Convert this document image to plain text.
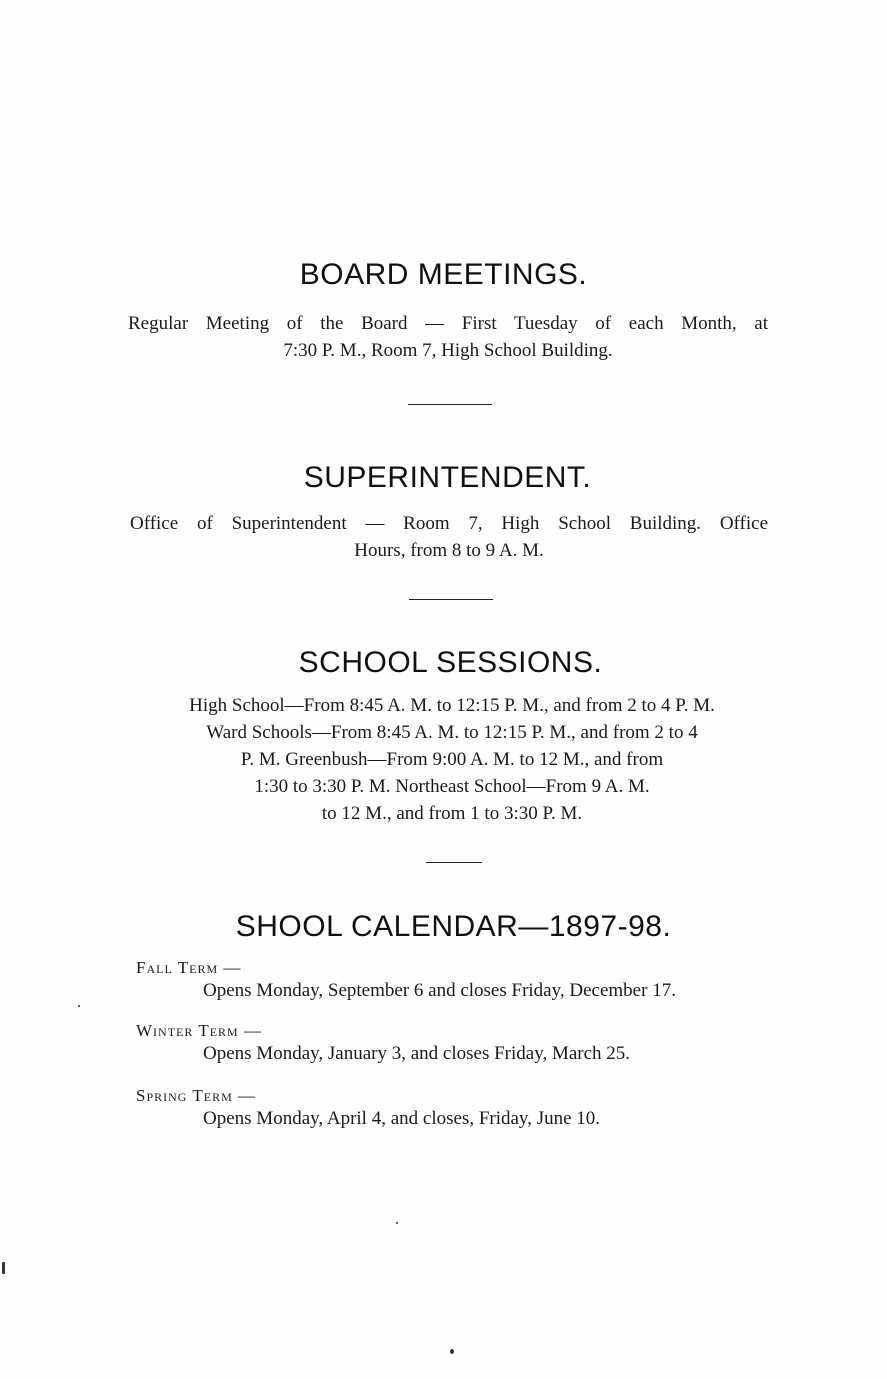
BOARD MEETINGS.
Regular Meeting of the Board — First Tuesday of each Month, at
7:30 P. M., Room 7, High School Building.
SUPERINTENDENT.
Office of Superintendent — Room 7, High School Building. Office
Hours, from 8 to 9 A. M.
SCHOOL SESSIONS.
High School—From 8:45 A. M. to 12:15 P. M., and from 2 to 4 P. M.
Ward Schools—From 8:45 A. M. to 12:15 P. M., and from 2 to 4
P. M. Greenbush—From 9:00 A. M. to 12 M., and from
1:30 to 3:30 P. M. Northeast School—From 9 A. M.
to 12 M., and from 1 to 3:30 P. M.
SHOOL CALENDAR—1897-98.
Fall Term —
Opens Monday, September 6 and closes Friday, December 17.
Winter Term —
Opens Monday, January 3, and closes Friday, March 25.
Spring Term —
Opens Monday, April 4, and closes, Friday, June 10.
